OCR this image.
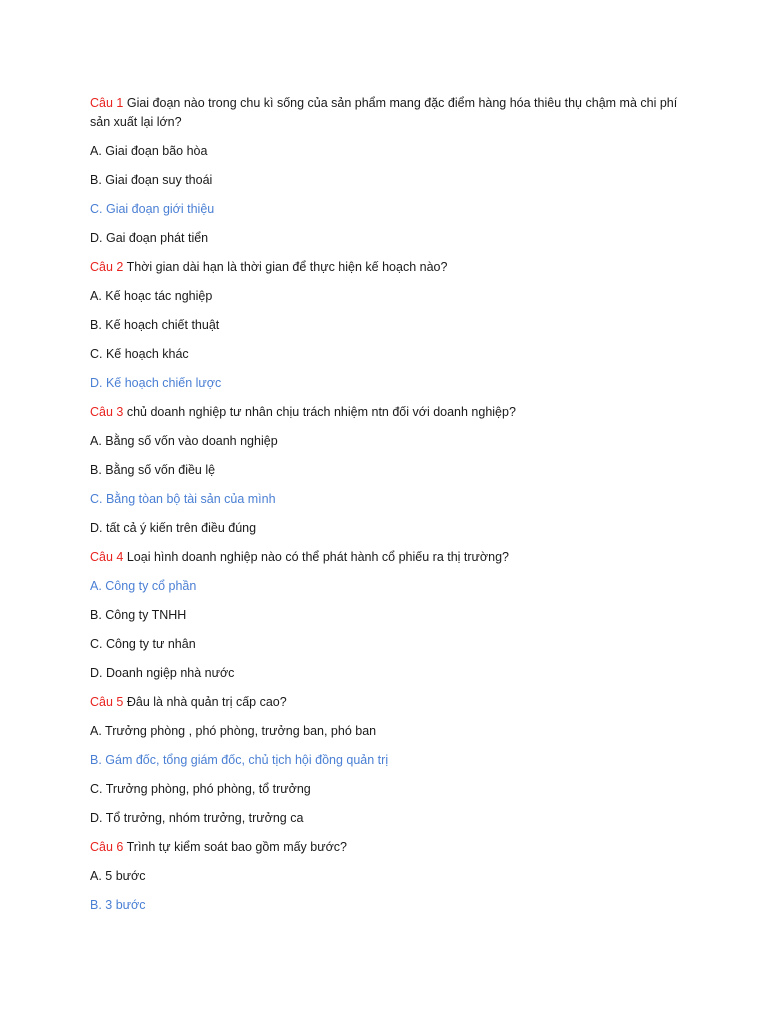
Câu 1 Giai đoạn nào trong chu kì sống của sản phẩm mang đặc điểm hàng hóa thiêu thụ chậm mà chi phí sản xuất lại lớn?
A. Giai đoạn bão hòa
B. Giai đoạn suy thoái
C. Giai đoạn giới thiệu
D. Gai đoạn phát tiển
Câu 2 Thời gian dài hạn là thời gian để thực hiện kế hoạch nào?
A. Kế hoạc tác nghiệp
B. Kế hoạch chiết thuật
C. Kế hoạch khác
D. Kế hoạch chiến lược
Câu 3 chủ doanh nghiệp tư nhân chịu trách nhiệm ntn đối với doanh nghiệp?
A. Bằng số vốn vào doanh nghiệp
B. Bằng số vốn điều lệ
C. Bằng tòan bộ tài sản của mình
D. tất cả ý kiến trên điều đúng
Câu 4 Loại hình doanh nghiệp nào có thể phát hành cổ phiếu ra thị trường?
A. Công ty cổ phần
B. Công ty TNHH
C. Công ty tư nhân
D. Doanh ngiệp nhà nước
Câu 5 Đâu là nhà quản trị cấp cao?
A. Trưởng phòng , phó phòng, trưởng ban, phó ban
B. Gám đốc, tổng giám đốc, chủ tịch hội đồng quản trị
C. Trưởng phòng, phó phòng, tổ trưởng
D. Tổ trưởng, nhóm trưởng, trưởng ca
Câu 6 Trình tự kiểm soát bao gồm mấy bước?
A. 5 bước
B. 3 bước
